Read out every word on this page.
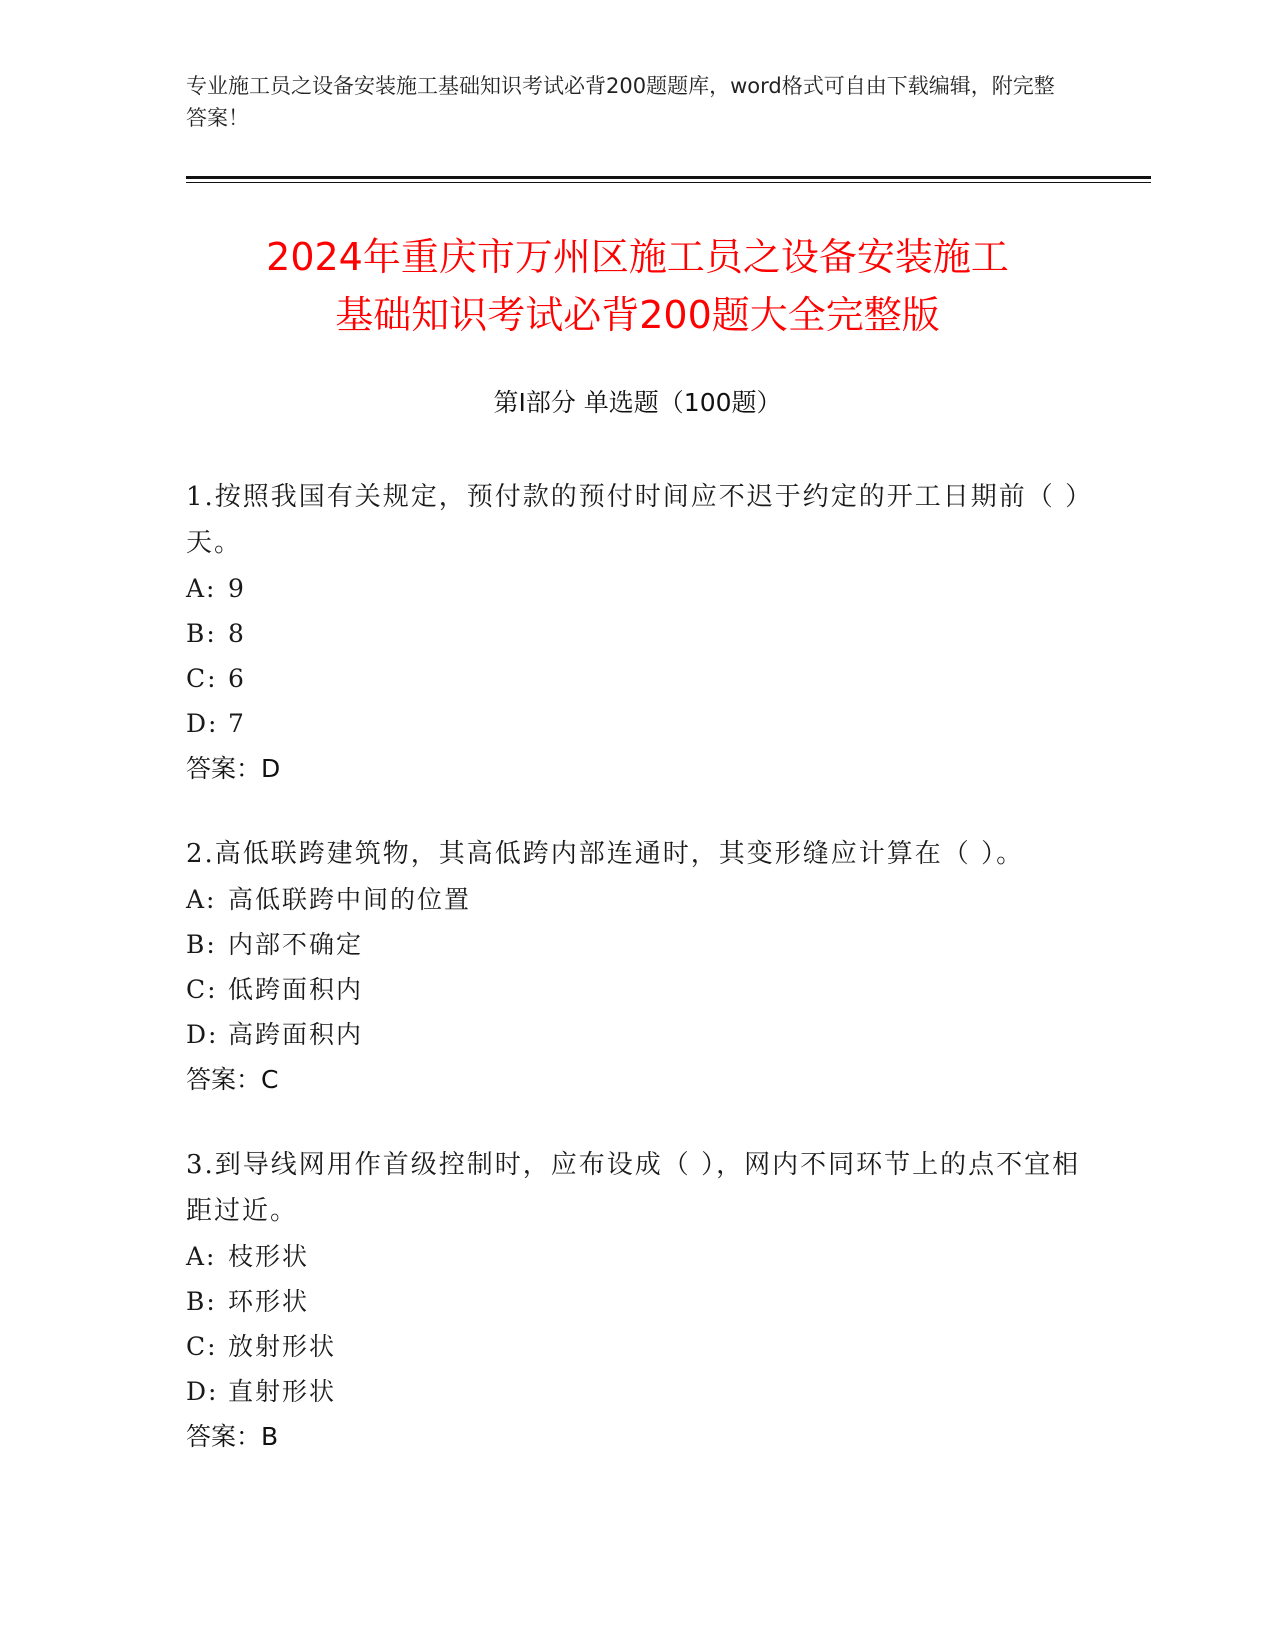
专业施工员之设备安装施工基础知识考试必背200题题库，word格式可自由下载编辑，附完整答案！
2024年重庆市万州区施工员之设备安装施工
基础知识考试必背200题大全完整版
第Ⅰ部分 单选题（100题）
1.按照我国有关规定，预付款的预付时间应不迟于约定的开工日期前（ ）天。
A: 9
B: 8
C: 6
D: 7
答案：D
2.高低联跨建筑物，其高低跨内部连通时，其变形缝应计算在（ ）。
A: 高低联跨中间的位置
B: 内部不确定
C: 低跨面积内
D: 高跨面积内
答案：C
3.到导线网用作首级控制时，应布设成（ ），网内不同环节上的点不宜相距过近。
A: 枝形状
B: 环形状
C: 放射形状
D: 直射形状
答案：B
